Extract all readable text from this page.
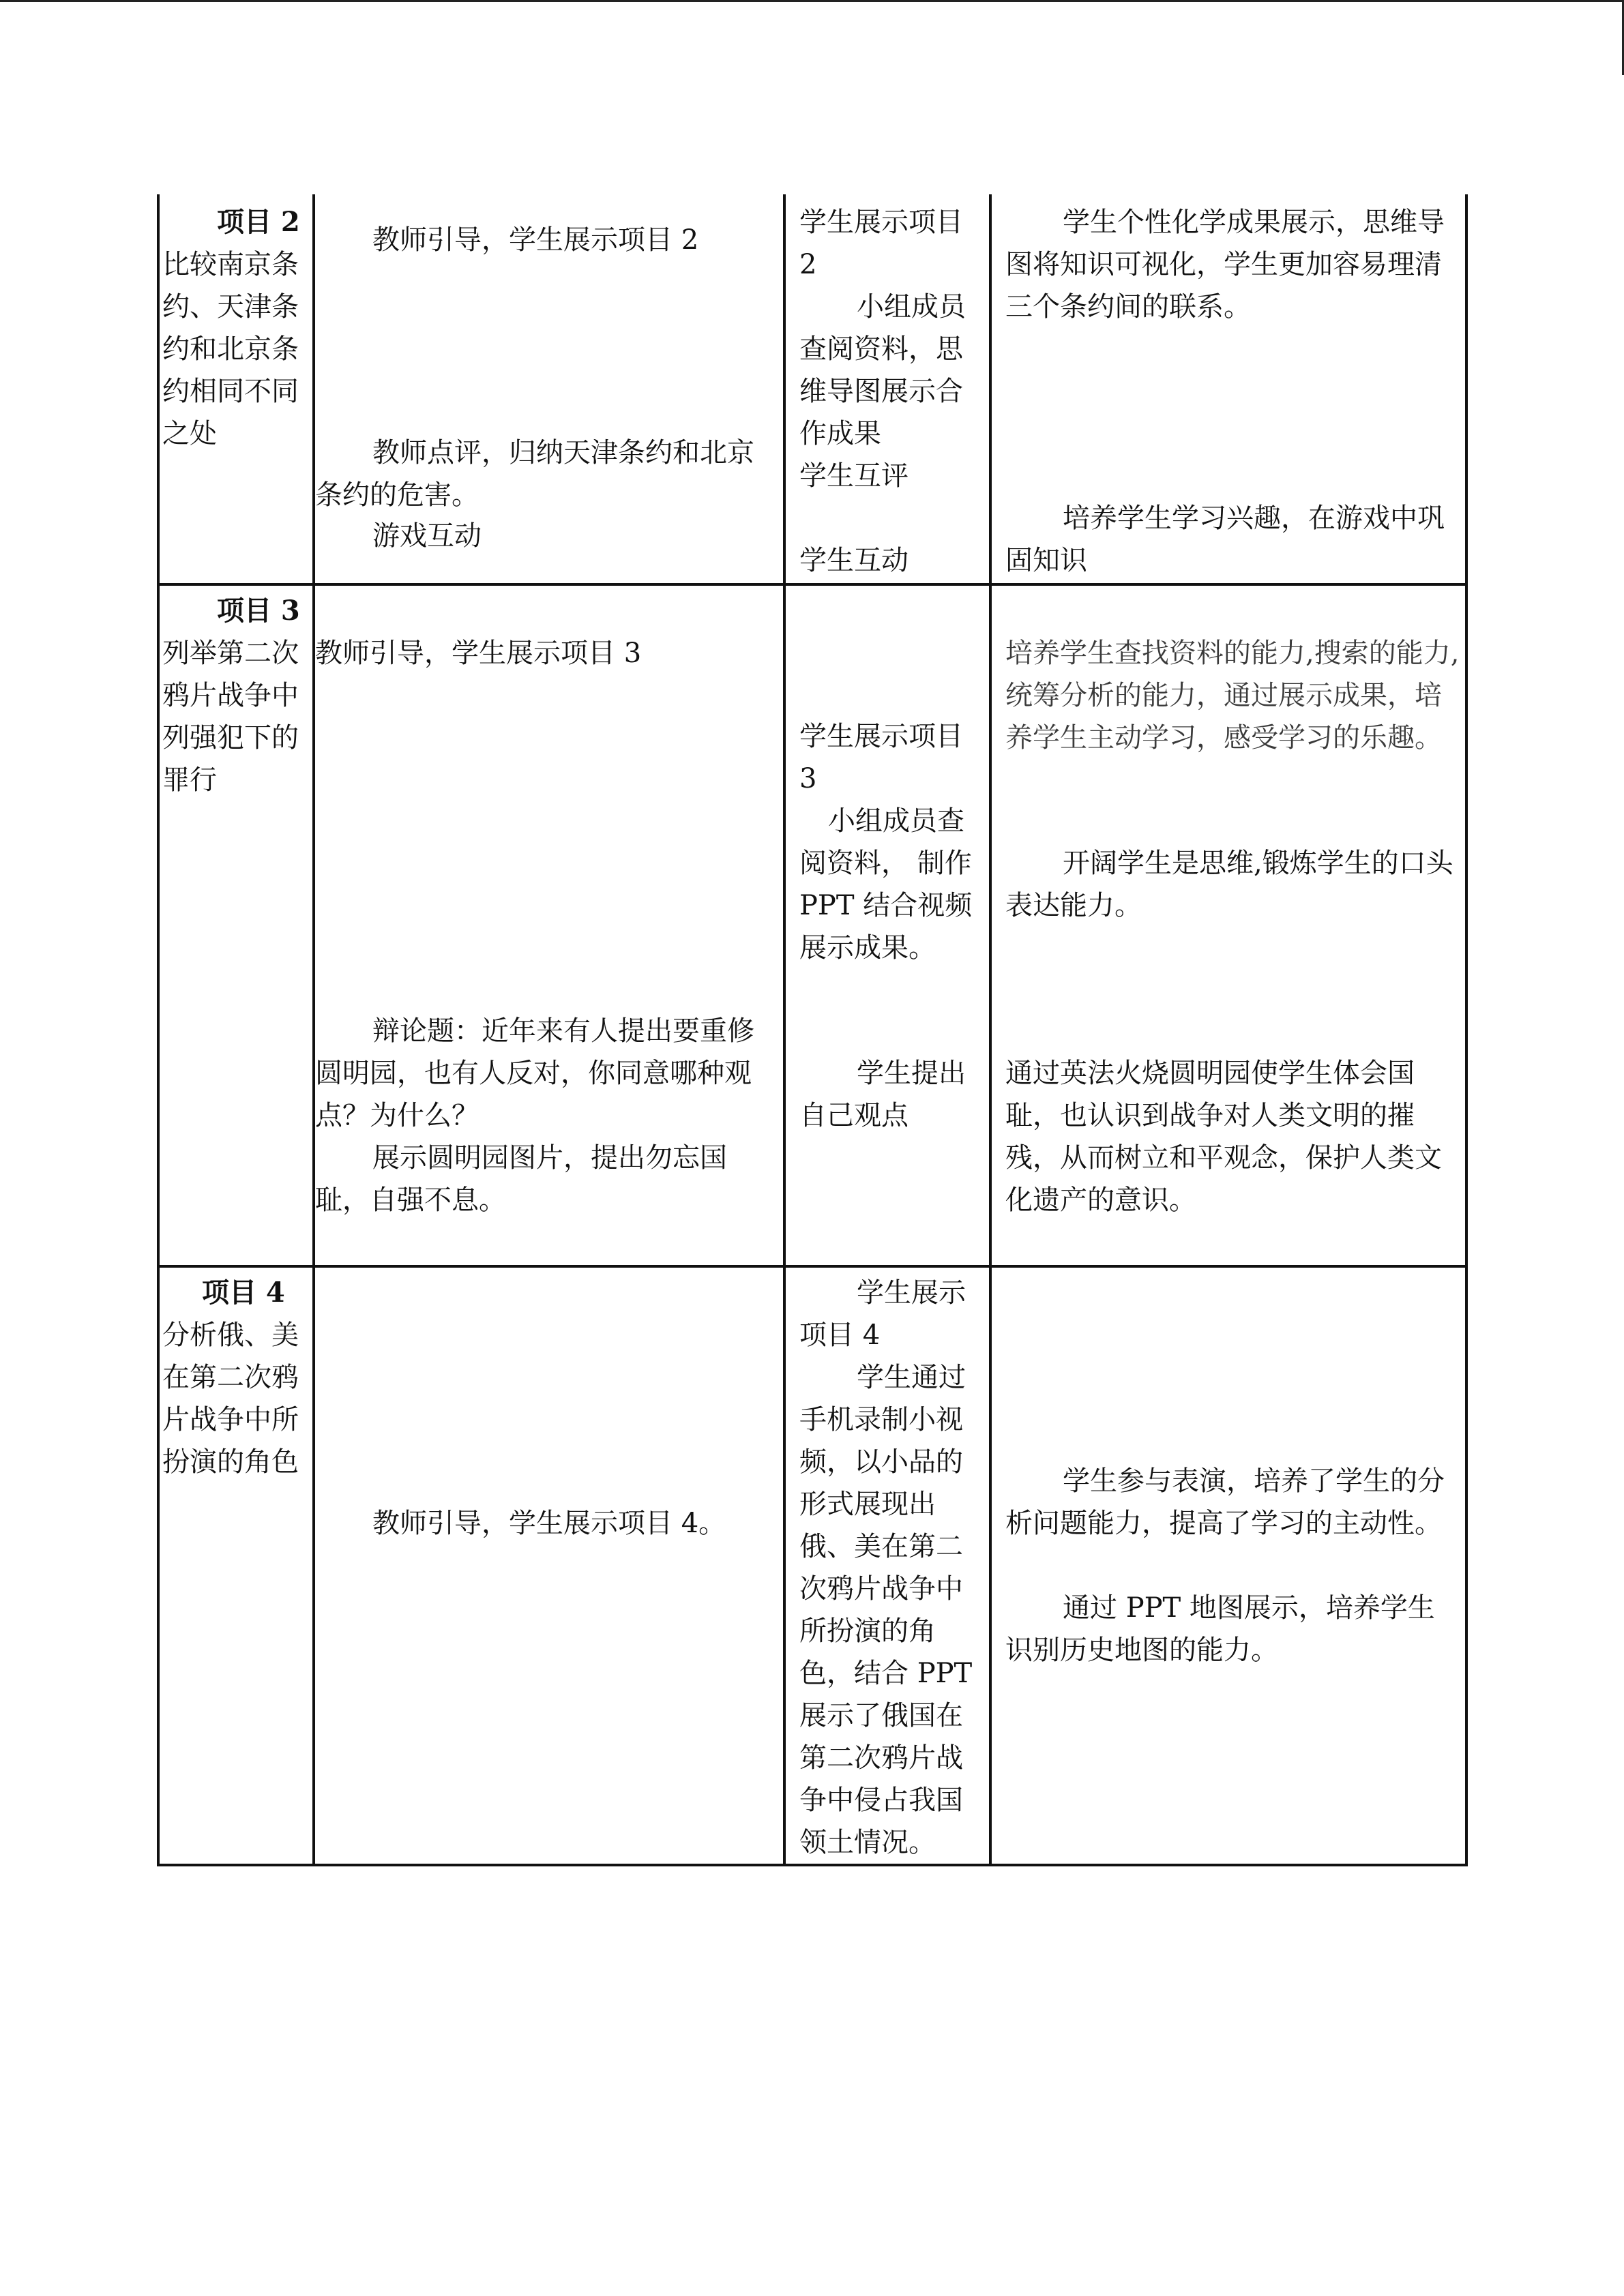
项目 2
比较南京条约、天津条约和北京条约相同不同之处
教师引导，学生展示项目 2
教师点评，归纳天津条约和北京条约的危害。
游戏互动
学生展示项目 2
小组成员查阅资料，思维导图展示合作成果
学生互评
学生互动
学生个性化学成果展示，思维导图将知识可视化，学生更加容易理清三个条约间的联系。
培养学生学习兴趣，在游戏中巩固知识
项目 3
列举第二次鸦片战争中列强犯下的罪行
教师引导，学生展示项目 3
辩论题：近年来有人提出要重修圆明园，也有人反对，你同意哪种观点？为什么？
展示圆明园图片，提出勿忘国耻，自强不息。
学生展示项目 3
小组成员查阅资料， 制作 PPT 结合视频展示成果。
学生提出自己观点
培养学生查找资料的能力,搜索的能力,统筹分析的能力，通过展示成果，培养学生主动学习，感受学习的乐趣。
开阔学生是思维,锻炼学生的口头表达能力。
通过英法火烧圆明园使学生体会国耻，也认识到战争对人类文明的摧残，从而树立和平观念，保护人类文化遗产的意识。
项目 4
分析俄、美在第二次鸦片战争中所扮演的角色
教师引导，学生展示项目 4。
学生展示项目 4
学生通过手机录制小视频，以小品的形式展现出俄、美在第二次鸦片战争中所扮演的角色，结合 PPT 展示了俄国在第二次鸦片战争中侵占我国领土情况。
学生参与表演，培养了学生的分析问题能力，提高了学习的主动性。
通过 PPT 地图展示，培养学生识别历史地图的能力。
